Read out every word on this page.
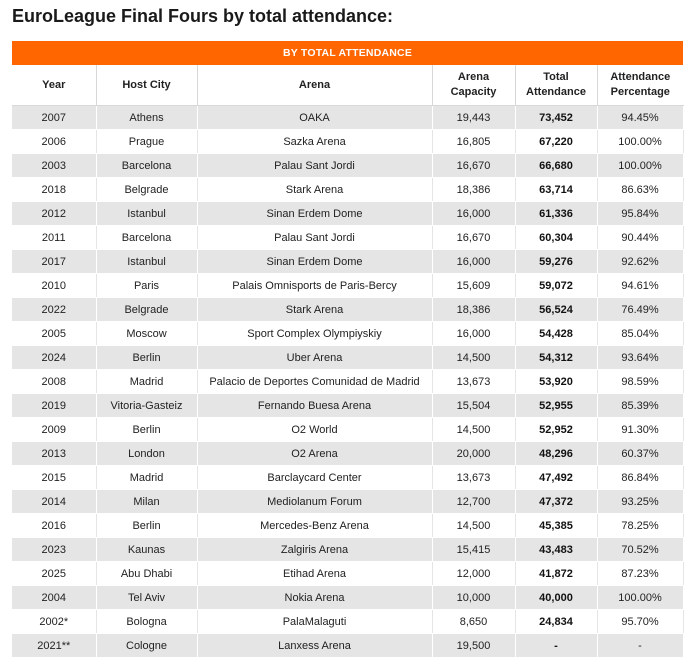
EuroLeague Final Fours by total attendance:
BY TOTAL ATTENDANCE					
Year	Host City	Arena	Arena Capacity	Total Attendance	Attendance Percentage
2007	Athens	OAKA	19,443	73,452	94.45%
2006	Prague	Sazka Arena	16,805	67,220	100.00%
2003	Barcelona	Palau Sant Jordi	16,670	66,680	100.00%
2018	Belgrade	Stark Arena	18,386	63,714	86.63%
2012	Istanbul	Sinan Erdem Dome	16,000	61,336	95.84%
2011	Barcelona	Palau Sant Jordi	16,670	60,304	90.44%
2017	Istanbul	Sinan Erdem Dome	16,000	59,276	92.62%
2010	Paris	Palais Omnisports de Paris-Bercy	15,609	59,072	94.61%
2022	Belgrade	Stark Arena	18,386	56,524	76.49%
2005	Moscow	Sport Complex Olympiyskiy	16,000	54,428	85.04%
2024	Berlin	Uber Arena	14,500	54,312	93.64%
2008	Madrid	Palacio de Deportes Comunidad de Madrid	13,673	53,920	98.59%
2019	Vitoria-Gasteiz	Fernando Buesa Arena	15,504	52,955	85.39%
2009	Berlin	O2 World	14,500	52,952	91.30%
2013	London	O2 Arena	20,000	48,296	60.37%
2015	Madrid	Barclaycard Center	13,673	47,492	86.84%
2014	Milan	Mediolanum Forum	12,700	47,372	93.25%
2016	Berlin	Mercedes-Benz Arena	14,500	45,385	78.25%
2023	Kaunas	Zalgiris Arena	15,415	43,483	70.52%
2025	Abu Dhabi	Etihad Arena	12,000	41,872	87.23%
2004	Tel Aviv	Nokia Arena	10,000	40,000	100.00%
2002*	Bologna	PalaMalaguti	8,650	24,834	95.70%
2021**	Cologne	Lanxess Arena	19,500	-	-
